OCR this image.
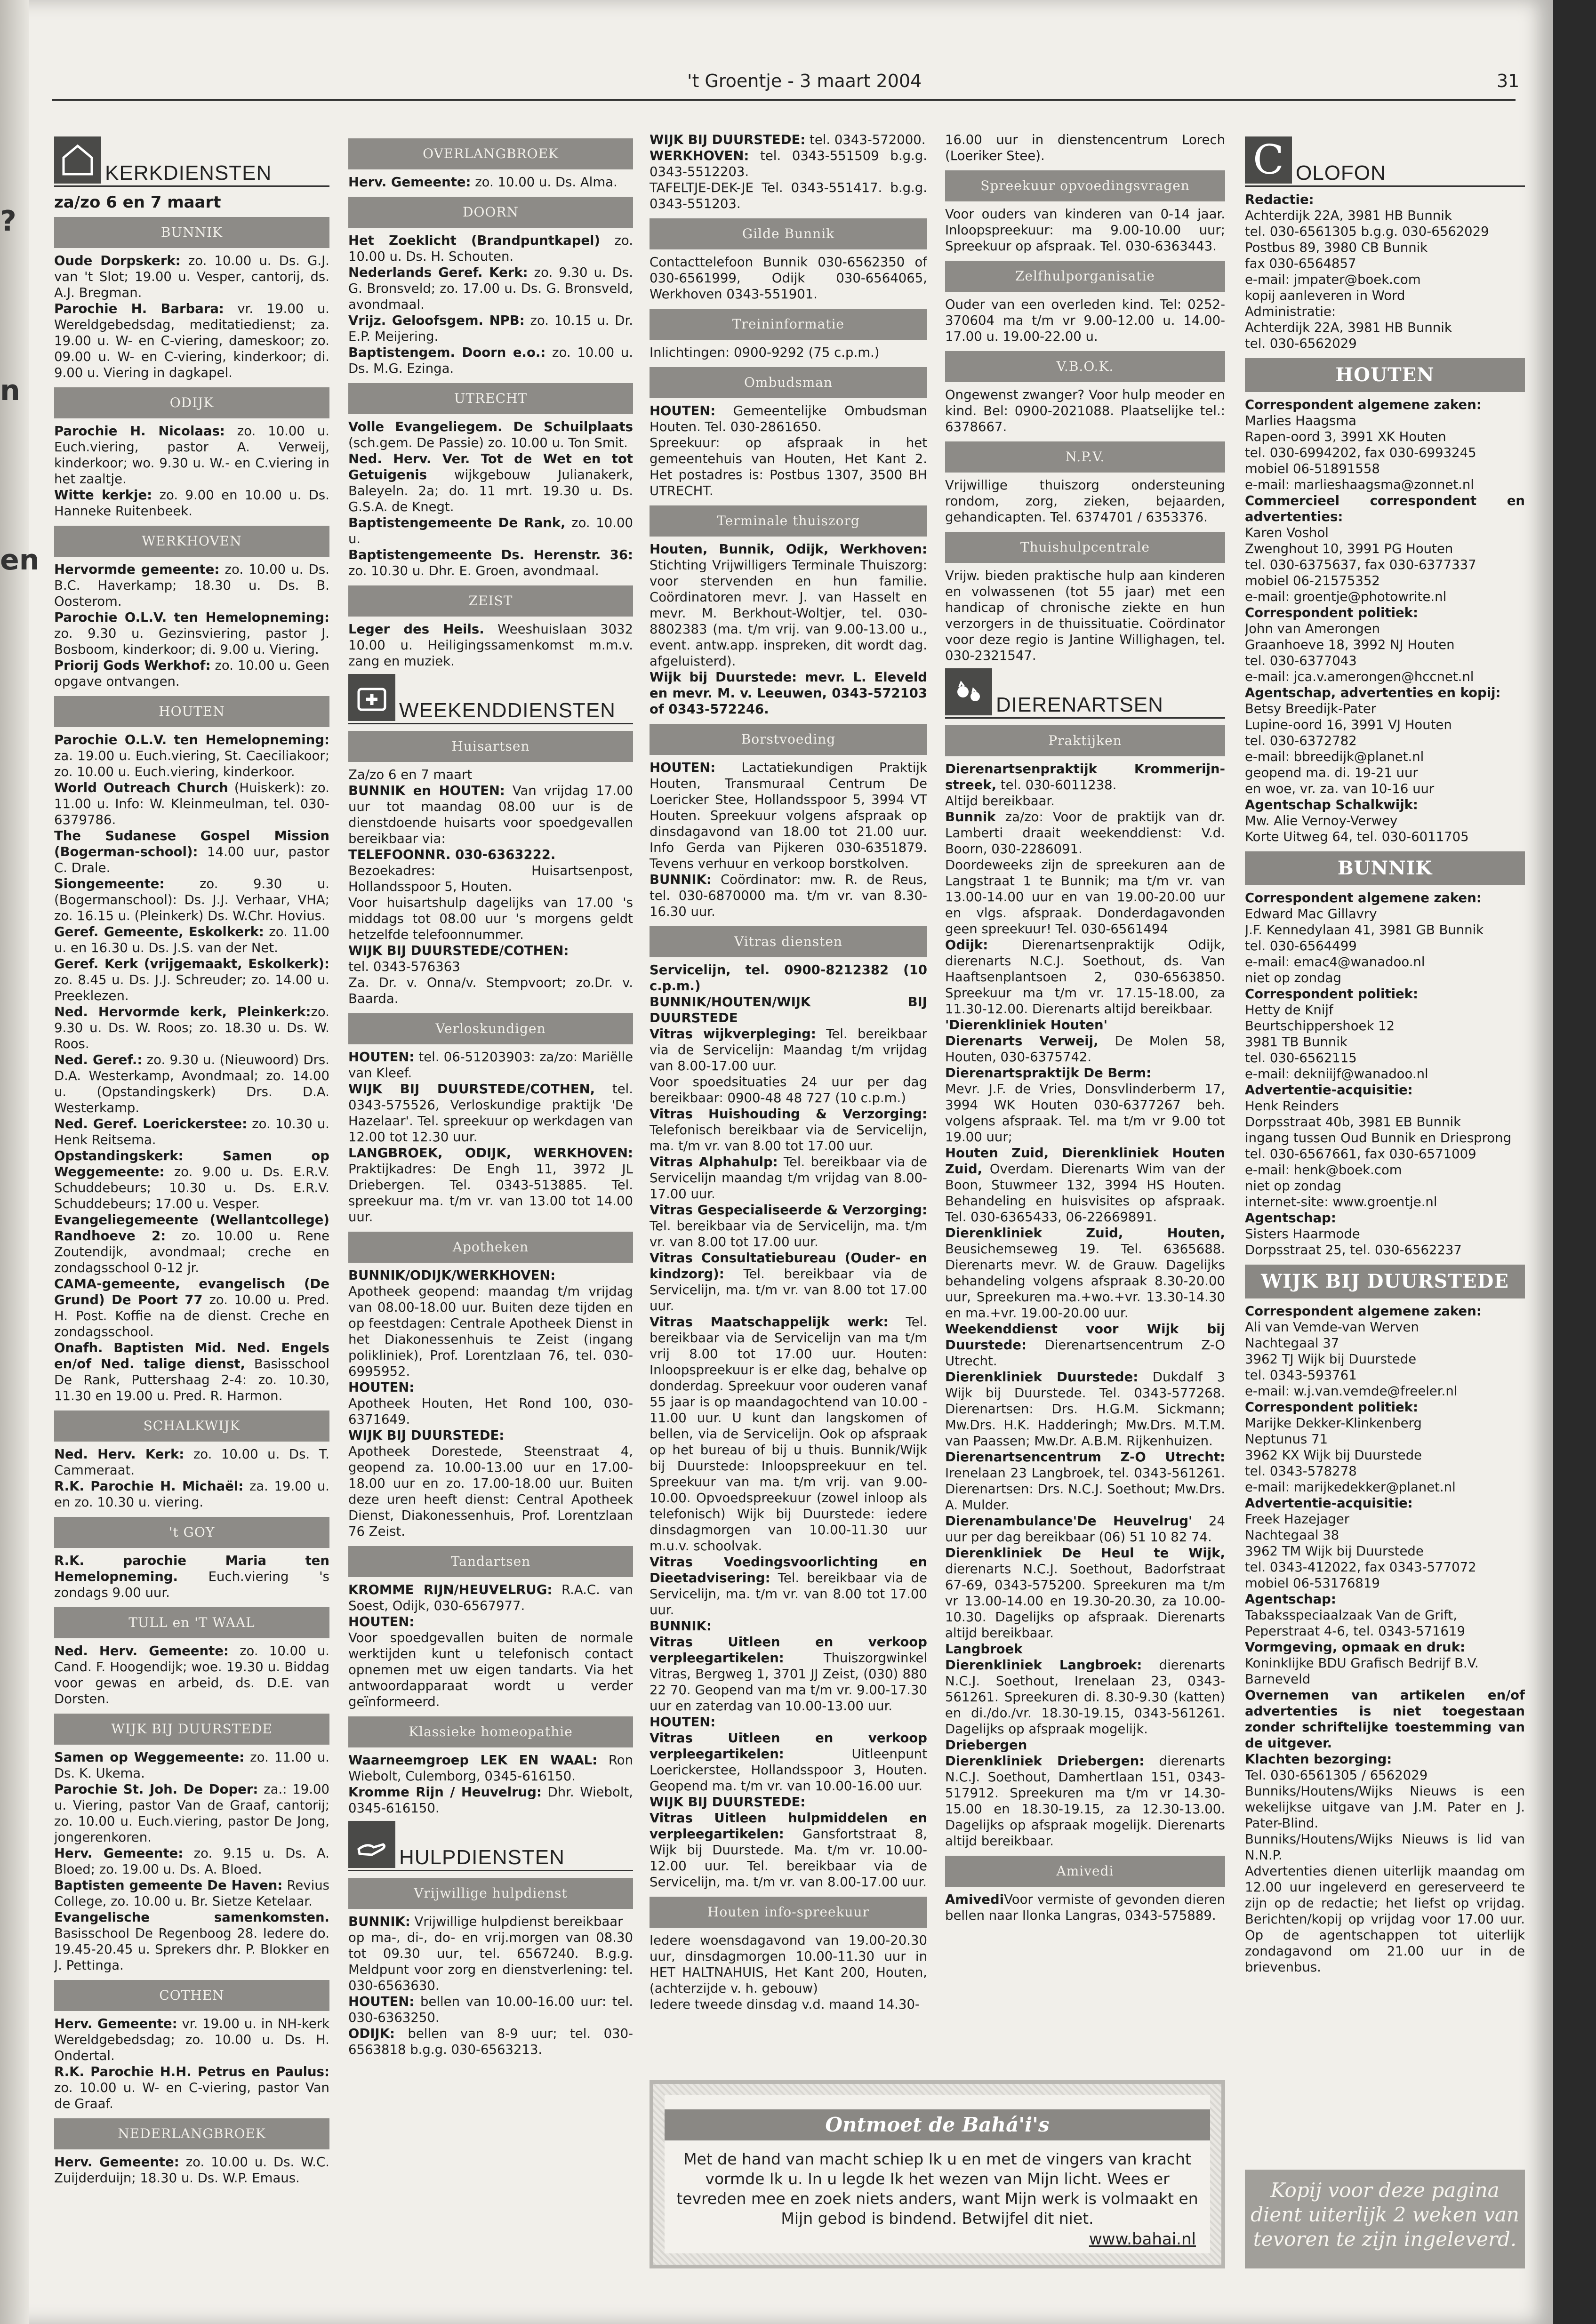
?
n
en
't Groentje - 3 maart 2004	31
KERKDIENSTEN
za/zo 6 en 7 maart
BUNNIK
Oude Dorpskerk: zo. 10.00 u. Ds. G.J. van 't Slot; 19.00 u. Vesper, cantorij, ds. A.J. Bregman.
Parochie H. Barbara: vr. 19.00 u. Wereldgebedsdag, meditatiedienst; za. 19.00 u. W- en C-viering, dameskoor; zo. 09.00 u. W- en C-viering, kinderkoor; di. 9.00 u. Viering in dagkapel.
ODIJK
Parochie H. Nicolaas: zo. 10.00 u. Euch.viering, pastor A. Verweij, kinderkoor; wo. 9.30 u. W.- en C.viering in het zaaltje.
Witte kerkje: zo. 9.00 en 10.00 u. Ds. Hanneke Ruitenbeek.
WERKHOVEN
Hervormde gemeente: zo. 10.00 u. Ds. B.C. Haverkamp; 18.30 u. Ds. B. Oosterom.
Parochie O.L.V. ten Hemelopneming: zo. 9.30 u. Gezinsviering, pastor J. Bosboom, kinderkoor; di. 9.00 u. Viering.
Priorij Gods Werkhof: zo. 10.00 u. Geen opgave ontvangen.
HOUTEN
Parochie O.L.V. ten Hemelopneming: za. 19.00 u. Euch.viering, St. Caeciliakoor; zo. 10.00 u. Euch.viering, kinderkoor.
World Outreach Church (Huiskerk): zo. 11.00 u. Info: W. Kleinmeulman, tel. 030-6379786.
The Sudanese Gospel Mission (Bogerman-school): 14.00 uur, pastor C. Drale.
Siongemeente: zo. 9.30 u. (Bogermanschool): Ds. J.J. Verhaar, VHA; zo. 16.15 u. (Pleinkerk) Ds. W.Chr. Hovius.
Geref. Gemeente, Eskolkerk: zo. 11.00 u. en 16.30 u. Ds. J.S. van der Net.
Geref. Kerk (vrijgemaakt, Eskolkerk): zo. 8.45 u. Ds. J.J. Schreuder; zo. 14.00 u. Preeklezen.
Ned. Hervormde kerk, Pleinkerk:zo. 9.30 u. Ds. W. Roos; zo. 18.30 u. Ds. W. Roos.
Ned. Geref.: zo. 9.30 u. (Nieuwoord) Drs. D.A. Westerkamp, Avondmaal; zo. 14.00 u. (Opstandingskerk) Drs. D.A. Westerkamp.
Ned. Geref. Loerickerstee: zo. 10.30 u. Henk Reitsema.
Opstandingskerk: Samen op Weggemeente: zo. 9.00 u. Ds. E.R.V. Schuddebeurs; 10.30 u. Ds. E.R.V. Schuddebeurs; 17.00 u. Vesper.
Evangeliegemeente (Wellantcollege) Randhoeve 2: zo. 10.00 u. Rene Zoutendijk, avondmaal; creche en zondagsschool 0-12 jr.
CAMA-gemeente, evangelisch (De Grund) De Poort 77 zo. 10.00 u. Pred. H. Post. Koffie na de dienst. Creche en zondagsschool.
Onafh. Baptisten Mid. Ned. Engels en/of Ned. talige dienst, Basisschool De Rank, Puttershaag 2-4: zo. 10.30, 11.30 en 19.00 u. Pred. R. Harmon.
SCHALKWIJK
Ned. Herv. Kerk: zo. 10.00 u. Ds. T. Cammeraat.
R.K. Parochie H. Michaël: za. 19.00 u. en zo. 10.30 u. viering.
't GOY
R.K. parochie Maria ten Hemelopneming. Euch.viering 's zondags 9.00 uur.
TULL en 'T WAAL
Ned. Herv. Gemeente: zo. 10.00 u. Cand. F. Hoogendijk; woe. 19.30 u. Biddag voor gewas en arbeid, ds. D.E. van Dorsten.
WIJK BIJ DUURSTEDE
Samen op Weggemeente: zo. 11.00 u. Ds. K. Ukema.
Parochie St. Joh. De Doper: za.: 19.00 u. Viering, pastor Van de Graaf, cantorij; zo. 10.00 u. Euch.viering, pastor De Jong, jongerenkoren.
Herv. Gemeente: zo. 9.15 u. Ds. A. Bloed; zo. 19.00 u. Ds. A. Bloed.
Baptisten gemeente De Haven: Revius College, zo. 10.00 u. Br. Sietze Ketelaar.
Evangelische samenkomsten. Basisschool De Regenboog 28. Iedere do. 19.45-20.45 u. Sprekers dhr. P. Blokker en J. Pettinga.
COTHEN
Herv. Gemeente: vr. 19.00 u. in NH-kerk Wereldgebedsdag; zo. 10.00 u. Ds. H. Ondertal.
R.K. Parochie H.H. Petrus en Paulus: zo. 10.00 u. W- en C-viering, pastor Van de Graaf.
NEDERLANGBROEK
Herv. Gemeente: zo. 10.00 u. Ds. W.C. Zuijderduijn; 18.30 u. Ds. W.P. Emaus.
OVERLANGBROEK
Herv. Gemeente: zo. 10.00 u. Ds. Alma.
DOORN
Het Zoeklicht (Brandpuntkapel) zo. 10.00 u. Ds. H. Schouten.
Nederlands Geref. Kerk: zo. 9.30 u. Ds. G. Bronsveld; zo. 17.00 u. Ds. G. Bronsveld, avondmaal.
Vrijz. Geloofsgem. NPB: zo. 10.15 u. Dr. E.P. Meijering.
Baptistengem. Doorn e.o.: zo. 10.00 u. Ds. M.G. Ezinga.
UTRECHT
Volle Evangeliegem. De Schuilplaats (sch.gem. De Passie) zo. 10.00 u. Ton Smit.
Ned. Herv. Ver. Tot de Wet en tot Getuigenis wijkgebouw Julianakerk, Baleyeln. 2a; do. 11 mrt. 19.30 u. Ds. G.S.A. de Knegt.
Baptistengemeente De Rank, zo. 10.00 u.
Baptistengemeente Ds. Herenstr. 36: zo. 10.30 u. Dhr. E. Groen, avondmaal.
ZEIST
Leger des Heils. Weeshuislaan 3032 10.00 u. Heiligingssamenkomst m.m.v. zang en muziek.
WEEKENDDIENSTEN
Huisartsen
Za/zo 6 en 7 maart
BUNNIK en HOUTEN: Van vrijdag 17.00 uur tot maandag 08.00 uur is de dienstdoende huisarts voor spoedgevallen bereikbaar via:
TELEFOONNR. 030-6363222.
Bezoekadres: Huisartsenpost, Hollandsspoor 5, Houten.
Voor huisartshulp dagelijks van 17.00 's middags tot 08.00 uur 's morgens geldt hetzelfde telefoonnummer.
WIJK BIJ DUURSTEDE/COTHEN:
tel. 0343-576363
Za. Dr. v. Onna/v. Stempvoort; zo.Dr. v. Baarda.
Verloskundigen
HOUTEN: tel. 06-51203903: za/zo: Mariëlle van Kleef.
WIJK BIJ DUURSTEDE/COTHEN, tel. 0343-575526, Verloskundige praktijk 'De Hazelaar'. Tel. spreekuur op werkdagen van 12.00 tot 12.30 uur.
LANGBROEK, ODIJK, WERKHOVEN: Praktijkadres: De Engh 11, 3972 JL Driebergen. Tel. 0343-513885. Tel. spreekuur ma. t/m vr. van 13.00 tot 14.00 uur.
Apotheken
BUNNIK/ODIJK/WERKHOVEN:
Apotheek geopend: maandag t/m vrijdag van 08.00-18.00 uur. Buiten deze tijden en op feestdagen: Centrale Apotheek Dienst in het Diakonessenhuis te Zeist (ingang polikliniek), Prof. Lorentzlaan 76, tel. 030-6995952.
HOUTEN:
Apotheek Houten, Het Rond 100, 030-6371649.
WIJK BIJ DUURSTEDE:
Apotheek Dorestede, Steenstraat 4, geopend za. 10.00-13.00 uur en 17.00-18.00 uur en zo. 17.00-18.00 uur. Buiten deze uren heeft dienst: Central Apotheek Dienst, Diakonessenhuis, Prof. Lorentzlaan 76 Zeist.
Tandartsen
KROMME RIJN/HEUVELRUG: R.A.C. van Soest, Odijk, 030-6567977.
HOUTEN:
Voor spoedgevallen buiten de normale werktijden kunt u telefonisch contact opnemen met uw eigen tandarts. Via het antwoordapparaat wordt u verder geïnformeerd.
Klassieke homeopathie
Waarneemgroep LEK EN WAAL: Ron Wiebolt, Culemborg, 0345-616150.
Kromme Rijn / Heuvelrug: Dhr. Wiebolt, 0345-616150.
HULPDIENSTEN
Vrijwillige hulpdienst
BUNNIK: Vrijwillige hulpdienst bereikbaar
op ma-, di-, do- en vrij.morgen van 08.30 tot 09.30 uur, tel. 6567240. B.g.g. Meldpunt voor zorg en dienstverlening: tel. 030-6563630.
HOUTEN: bellen van 10.00-16.00 uur: tel. 030-6363250.
ODIJK: bellen van 8-9 uur; tel. 030-6563818 b.g.g. 030-6563213.
WIJK BIJ DUURSTEDE: tel. 0343-572000.
WERKHOVEN: tel. 0343-551509 b.g.g. 0343-5512203.
TAFELTJE-DEK-JE Tel. 0343-551417. b.g.g. 0343-551203.
Gilde Bunnik
Contacttelefoon Bunnik 030-6562350 of 030-6561999, Odijk 030-6564065, Werkhoven 0343-551901.
Treininformatie
Inlichtingen: 0900-9292 (75 c.p.m.)
Ombudsman
HOUTEN: Gemeentelijke Ombudsman Houten. Tel. 030-2861650.
Spreekuur: op afspraak in het gemeentehuis van Houten, Het Kant 2. Het postadres is: Postbus 1307, 3500 BH UTRECHT.
Terminale thuiszorg
Houten, Bunnik, Odijk, Werkhoven: Stichting Vrijwilligers Terminale Thuiszorg: voor stervenden en hun familie. Coördinatoren mevr. J. van Hasselt en mevr. M. Berkhout-Woltjer, tel. 030-8802383 (ma. t/m vrij. van 9.00-13.00 u., event. antw.app. inspreken, dit wordt dag. afgeluisterd).
Wijk bij Duurstede: mevr. L. Eleveld en mevr. M. v. Leeuwen, 0343-572103 of 0343-572246.
Borstvoeding
HOUTEN: Lactatiekundigen Praktijk Houten, Transmuraal Centrum De Loericker Stee, Hollandsspoor 5, 3994 VT Houten. Spreekuur volgens afspraak op dinsdagavond van 18.00 tot 21.00 uur. Info Gerda van Pijkeren 030-6351879. Tevens verhuur en verkoop borstkolven.
BUNNIK: Coördinator: mw. R. de Reus, tel. 030-6870000 ma. t/m vr. van 8.30-16.30 uur.
Vitras diensten
Servicelijn, tel. 0900-8212382 (10 c.p.m.)
BUNNIK/HOUTEN/WIJK BIJ DUURSTEDE
Vitras wijkverpleging: Tel. bereikbaar via de Servicelijn: Maandag t/m vrijdag van 8.00-17.00 uur.
Voor spoedsituaties 24 uur per dag bereikbaar: 0900-48 48 727 (10 c.p.m.)
Vitras Huishouding & Verzorging: Telefonisch bereikbaar via de Servicelijn, ma. t/m vr. van 8.00 tot 17.00 uur.
Vitras Alphahulp: Tel. bereikbaar via de Servicelijn maandag t/m vrijdag van 8.00-17.00 uur.
Vitras Gespecialiseerde & Verzorging: Tel. bereikbaar via de Servicelijn, ma. t/m vr. van 8.00 tot 17.00 uur.
Vitras Consultatiebureau (Ouder- en kindzorg): Tel. bereikbaar via de Servicelijn, ma. t/m vr. van 8.00 tot 17.00 uur.
Vitras Maatschappelijk werk: Tel. bereikbaar via de Servicelijn van ma t/m vrij 8.00 tot 17.00 uur. Houten: Inloopspreekuur is er elke dag, behalve op donderdag. Spreekuur voor ouderen vanaf 55 jaar is op maandagochtend van 10.00 - 11.00 uur. U kunt dan langskomen of bellen, via de Servicelijn. Ook op afspraak op het bureau of bij u thuis. Bunnik/Wijk bij Duurstede: Inloopspreekuur en tel. Spreekuur van ma. t/m vrij. van 9.00-10.00. Opvoedspreekuur (zowel inloop als telefonisch) Wijk bij Duurstede: iedere dinsdagmorgen van 10.00-11.30 uur m.u.v. schoolvak.
Vitras Voedingsvoorlichting en Dieetadvisering: Tel. bereikbaar via de Servicelijn, ma. t/m vr. van 8.00 tot 17.00 uur.
BUNNIK:
Vitras Uitleen en verkoop verpleegartikelen: Thuiszorgwinkel Vitras, Bergweg 1, 3701 JJ Zeist, (030) 880 22 70. Geopend van ma t/m vr. 9.00-17.30 uur en zaterdag van 10.00-13.00 uur.
HOUTEN:
Vitras Uitleen en verkoop verpleegartikelen: Uitleenpunt Loerickerstee, Hollandsspoor 3, Houten. Geopend ma. t/m vr. van 10.00-16.00 uur.
WIJK BIJ DUURSTEDE:
Vitras Uitleen hulpmiddelen en verpleegartikelen: Gansfortstraat 8, Wijk bij Duurstede. Ma. t/m vr. 10.00-12.00 uur. Tel. bereikbaar via de Servicelijn, ma. t/m vr. van 8.00-17.00 uur.
Houten info-spreekuur
Iedere woensdagavond van 19.00-20.30 uur, dinsdagmorgen 10.00-11.30 uur in HET HALTNAHUIS, Het Kant 200, Houten, (achterzijde v. h. gebouw)
Iedere tweede dinsdag v.d. maand 14.30-
16.00 uur in dienstencentrum Lorech (Loeriker Stee).
Spreekuur opvoedingsvragen
Voor ouders van kinderen van 0-14 jaar. Inloopspreekuur: ma 9.00-10.00 uur; Spreekuur op afspraak. Tel. 030-6363443.
Zelfhulporganisatie
Ouder van een overleden kind. Tel: 0252-370604 ma t/m vr 9.00-12.00 u. 14.00-17.00 u. 19.00-22.00 u.
V.B.O.K.
Ongewenst zwanger? Voor hulp meoder en kind. Bel: 0900-2021088. Plaatselijke tel.: 6378667.
N.P.V.
Vrijwillige thuiszorg ondersteuning rondom, zorg, zieken, bejaarden, gehandicapten. Tel. 6374701 / 6353376.
Thuishulpcentrale
Vrijw. bieden praktische hulp aan kinderen en volwassenen (tot 55 jaar) met een handicap of chronische ziekte en hun verzorgers in de thuissituatie. Coördinator voor deze regio is Jantine Willighagen, tel. 030-2321547.
DIERENARTSEN
Praktijken
Dierenartsenpraktijk Krommerijn-streek, tel. 030-6011238.
Altijd bereikbaar.
Bunnik za/zo: Voor de praktijk van dr. Lamberti draait weekenddienst: V.d. Boorn, 030-2286091.
Doordeweeks zijn de spreekuren aan de Langstraat 1 te Bunnik; ma t/m vr. van 13.00-14.00 uur en van 19.00-20.00 uur en vlgs. afspraak. Donderdagavonden geen spreekuur! Tel. 030-6561494
Odijk: Dierenartsenpraktijk Odijk, dierenarts N.C.J. Soethout, ds. Van Haaftsenplantsoen 2, 030-6563850. Spreekuur ma t/m vr. 17.15-18.00, za 11.30-12.00. Dierenarts altijd bereikbaar.
'Dierenkliniek Houten'
Dierenarts Verweij, De Molen 58, Houten, 030-6375742.
Dierenartspraktijk De Berm:
Mevr. J.F. de Vries, Donsvlinderberm 17, 3994 WK Houten 030-6377267 beh. volgens afspraak. Tel. ma t/m vr 9.00 tot 19.00 uur;
Houten Zuid, Dierenkliniek Houten Zuid, Overdam. Dierenarts Wim van der Boon, Stuwmeer 132, 3994 HS Houten. Behandeling en huisvisites op afspraak. Tel. 030-6365433, 06-22669891.
Dierenkliniek Zuid, Houten, Beusichemseweg 19. Tel. 6365688. Dierenarts mevr. W. de Grauw. Dagelijks behandeling volgens afspraak 8.30-20.00 uur, Spreekuren ma.+wo.+vr. 13.30-14.30 en ma.+vr. 19.00-20.00 uur.
Weekenddienst voor Wijk bij Duurstede: Dierenartsencentrum Z-O Utrecht.
Dierenkliniek Duurstede: Dukdalf 3 Wijk bij Duurstede. Tel. 0343-577268. Dierenartsen: Drs. H.G.M. Sickmann; Mw.Drs. H.K. Hadderingh; Mw.Drs. M.T.M. van Paassen; Mw.Dr. A.B.M. Rijkenhuizen.
Dierenartsencentrum Z-O Utrecht: Irenelaan 23 Langbroek, tel. 0343-561261. Dierenartsen: Drs. N.C.J. Soethout; Mw.Drs. A. Mulder.
Dierenambulance'De Heuvelrug' 24 uur per dag bereikbaar (06) 51 10 82 74.
Dierenkliniek De Heul te Wijk, dierenarts N.C.J. Soethout, Badorfstraat 67-69, 0343-575200. Spreekuren ma t/m vr 13.00-14.00 en 19.30-20.30, za 10.00-10.30. Dagelijks op afspraak. Dierenarts altijd bereikbaar.
Langbroek
Dierenkliniek Langbroek: dierenarts N.C.J. Soethout, Irenelaan 23, 0343-561261. Spreekuren di. 8.30-9.30 (katten) en di./do./vr. 18.30-19.15, 0343-561261. Dagelijks op afspraak mogelijk.
Driebergen
Dierenkliniek Driebergen: dierenarts N.C.J. Soethout, Damhertlaan 151, 0343-517912. Spreekuren ma t/m vr 14.30-15.00 en 18.30-19.15, za 12.30-13.00. Dagelijks op afspraak mogelijk. Dierenarts altijd bereikbaar.
Amivedi
AmivediVoor vermiste of gevonden dieren bellen naar Ilonka Langras, 0343-575889.
C OLOFON
Redactie:
Achterdijk 22A, 3981 HB Bunnik
tel. 030-6561305 b.g.g. 030-6562029
Postbus 89, 3980 CB Bunnik
fax 030-6564857
e-mail: jmpater@boek.com
kopij aanleveren in Word
Administratie:
Achterdijk 22A, 3981 HB Bunnik
tel. 030-6562029
HOUTEN
Correspondent algemene zaken:
Marlies Haagsma
Rapen-oord 3, 3991 XK Houten
tel. 030-6994202, fax 030-6993245
mobiel 06-51891558
e-mail: marlieshaagsma@zonnet.nl
Commercieel correspondent en advertenties:
Karen Voshol
Zwenghout 10, 3991 PG Houten
tel. 030-6375637, fax 030-6377337
mobiel 06-21575352
e-mail: groentje@photowrite.nl
Correspondent politiek:
John van Amerongen
Graanhoeve 18, 3992 NJ Houten
tel. 030-6377043
e-mail: jca.v.amerongen@hccnet.nl
Agentschap, advertenties en kopij:
Betsy Breedijk-Pater
Lupine-oord 16, 3991 VJ Houten
tel. 030-6372782
e-mail: bbreedijk@planet.nl
geopend ma. di. 19-21 uur
en woe, vr. za. van 10-16 uur
Agentschap Schalkwijk:
Mw. Alie Vernoy-Verwey
Korte Uitweg 64, tel. 030-6011705
BUNNIK
Correspondent algemene zaken:
Edward Mac Gillavry
J.F. Kennedylaan 41, 3981 GB Bunnik
tel. 030-6564499
e-mail: emac4@wanadoo.nl
niet op zondag
Correspondent politiek:
Hetty de Knijf
Beurtschippershoek 12
3981 TB Bunnik
tel. 030-6562115
e-mail: dekniijf@wanadoo.nl
Advertentie-acquisitie:
Henk Reinders
Dorpsstraat 40b, 3981 EB Bunnik
ingang tussen Oud Bunnik en Driesprong
tel. 030-6567661, fax 030-6571009
e-mail: henk@boek.com
niet op zondag
internet-site: www.groentje.nl
Agentschap:
Sisters Haarmode
Dorpsstraat 25, tel. 030-6562237
WIJK BIJ DUURSTEDE
Correspondent algemene zaken:
Ali van Vemde-van Werven
Nachtegaal 37
3962 TJ Wijk bij Duurstede
tel. 0343-593761
e-mail: w.j.van.vemde@freeler.nl
Correspondent politiek:
Marijke Dekker-Klinkenberg
Neptunus 71
3962 KX Wijk bij Duurstede
tel. 0343-578278
e-mail: marijkedekker@planet.nl
Advertentie-acquisitie:
Freek Hazejager
Nachtegaal 38
3962 TM Wijk bij Duurstede
tel. 0343-412022, fax 0343-577072
mobiel 06-53176819
Agentschap:
Tabaksspeciaalzaak Van de Grift,
Peperstraat 4-6, tel. 0343-571619
Vormgeving, opmaak en druk:
Koninklijke BDU Grafisch Bedrijf B.V.
Barneveld
Overnemen van artikelen en/of advertenties is niet toegestaan zonder schriftelijke toestemming van de uitgever.
Klachten bezorging:
Tel. 030-6561305 / 6562029
Bunniks/Houtens/Wijks Nieuws is een wekelijkse uitgave van J.M. Pater en J. Pater-Blind.
Bunniks/Houtens/Wijks Nieuws is lid van N.N.P.
Advertenties dienen uiterlijk maandag om 12.00 uur ingeleverd en gereserveerd te zijn op de redactie; het liefst op vrijdag. Berichten/kopij op vrijdag voor 17.00 uur. Op de agentschappen tot uiterlijk zondagavond om 21.00 uur in de brievenbus.
Ontmoet de Bahá'i's
Met de hand van macht schiep Ik u en met de vingers van kracht vormde Ik u. In u legde Ik het wezen van Mijn licht. Wees er tevreden mee en zoek niets anders, want Mijn werk is volmaakt en Mijn gebod is bindend. Betwijfel dit niet.
www.bahai.nl
Kopij voor deze pagina dient uiterlijk 2 weken van tevoren te zijn ingeleverd.
